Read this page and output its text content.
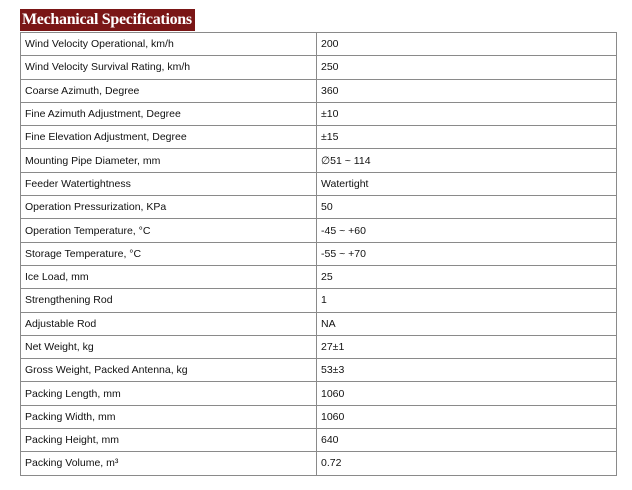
Mechanical Specifications
Wind Velocity Operational, km/h	200
Wind Velocity Survival Rating, km/h	250
Coarse Azimuth, Degree	360
Fine Azimuth Adjustment, Degree	±10
Fine Elevation Adjustment, Degree	±15
Mounting Pipe Diameter, mm	∅51 ~ 114
Feeder Watertightness	Watertight
Operation Pressurization, KPa	50
Operation Temperature, °C	-45 ~ +60
Storage Temperature, °C	-55 ~ +70
Ice Load, mm	25
Strengthening Rod	1
Adjustable Rod	NA
Net Weight, kg	27±1
Gross Weight, Packed Antenna, kg	53±3
Packing Length, mm	1060
Packing Width, mm	1060
Packing Height, mm	640
Packing Volume, m³	0.72
